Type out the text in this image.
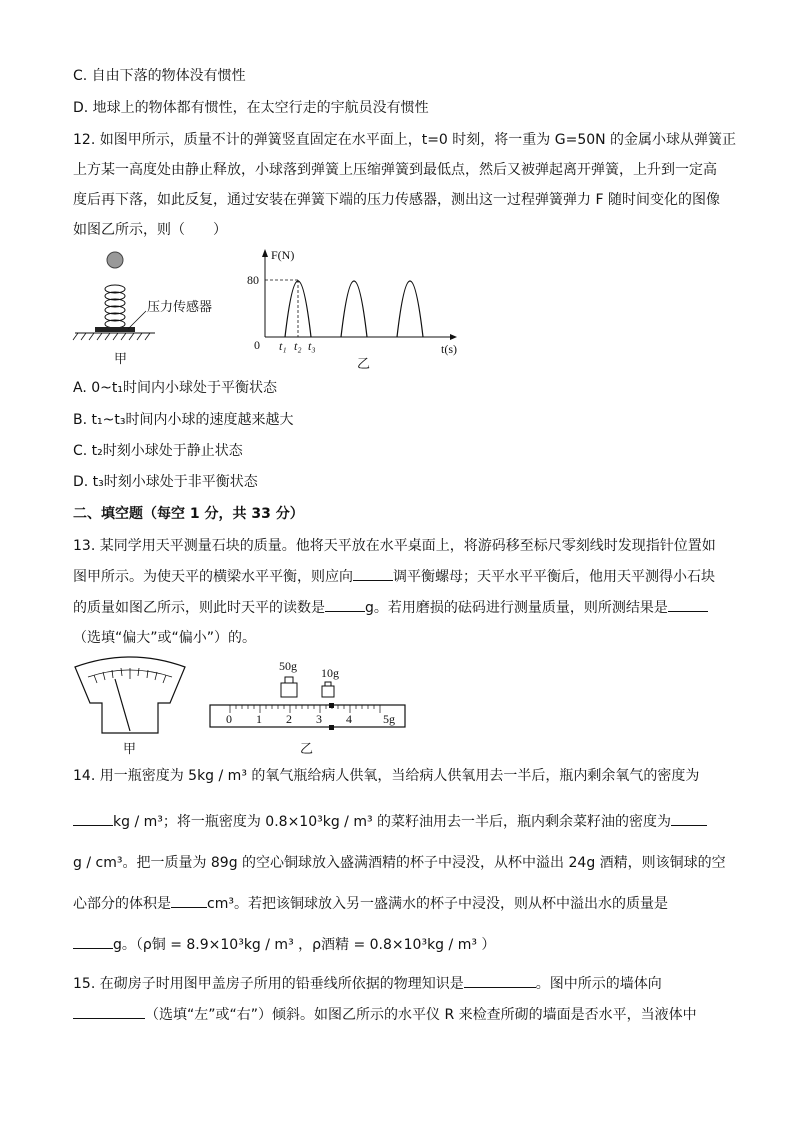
C. 自由下落的物体没有惯性
D. 地球上的物体都有惯性，在太空行走的宇航员没有惯性
12. 如图甲所示，质量不计的弹簧竖直固定在水平面上，t=0 时刻，将一重为 G=50N 的金属小球从弹簧正
上方某一高度处由静止释放，小球落到弹簧上压缩弹簧到最低点，然后又被弹起离开弹簧，上升到一定高
度后再下落，如此反复，通过安装在弹簧下端的压力传感器，测出这一过程弹簧弹力 F 随时间变化的图像
如图乙所示，则（　　）
压力传感器
甲
F(N)
t(s)
0
80
t₁ t₂ t₃
乙
A. 0~t₁时间内小球处于平衡状态
B. t₁~t₃时间内小球的速度越来越大
C. t₂时刻小球处于静止状态
D. t₃时刻小球处于非平衡状态
二、填空题（每空 1 分，共 33 分）
13. 某同学用天平测量石块的质量。他将天平放在水平桌面上，将游码移至标尺零刻线时发现指针位置如
图甲所示。为使天平的横梁水平平衡，则应向	调平衡螺母；天平水平平衡后，他用天平测得小石块
的质量如图乙所示，则此时天平的读数是	g。若用磨损的砝码进行测量质量，则所测结果是
（选填“偏大”或“偏小”）的。
甲
50g 10g
0 1 2 3 4	5g
乙
14. 用一瓶密度为 5kg / m³ 的氧气瓶给病人供氧，当给病人供氧用去一半后，瓶内剩余氧气的密度为
kg / m³；将一瓶密度为 0.8×10³kg / m³ 的菜籽油用去一半后，瓶内剩余菜籽油的密度为
g / cm³。把一质量为 89g 的空心铜球放入盛满酒精的杯子中浸没，从杯中溢出 24g 酒精，则该铜球的空
心部分的体积是	cm³。若把该铜球放入另一盛满水的杯子中浸没，则从杯中溢出水的质量是
g。（ρ铜 = 8.9×10³kg / m³ ，ρ酒精 = 0.8×10³kg / m³ ）
15. 在砌房子时用图甲盖房子所用的铅垂线所依据的物理知识是	。图中所示的墙体向
（选填“左”或“右”）倾斜。如图乙所示的水平仪 R 来检查所砌的墙面是否水平，当液体中
